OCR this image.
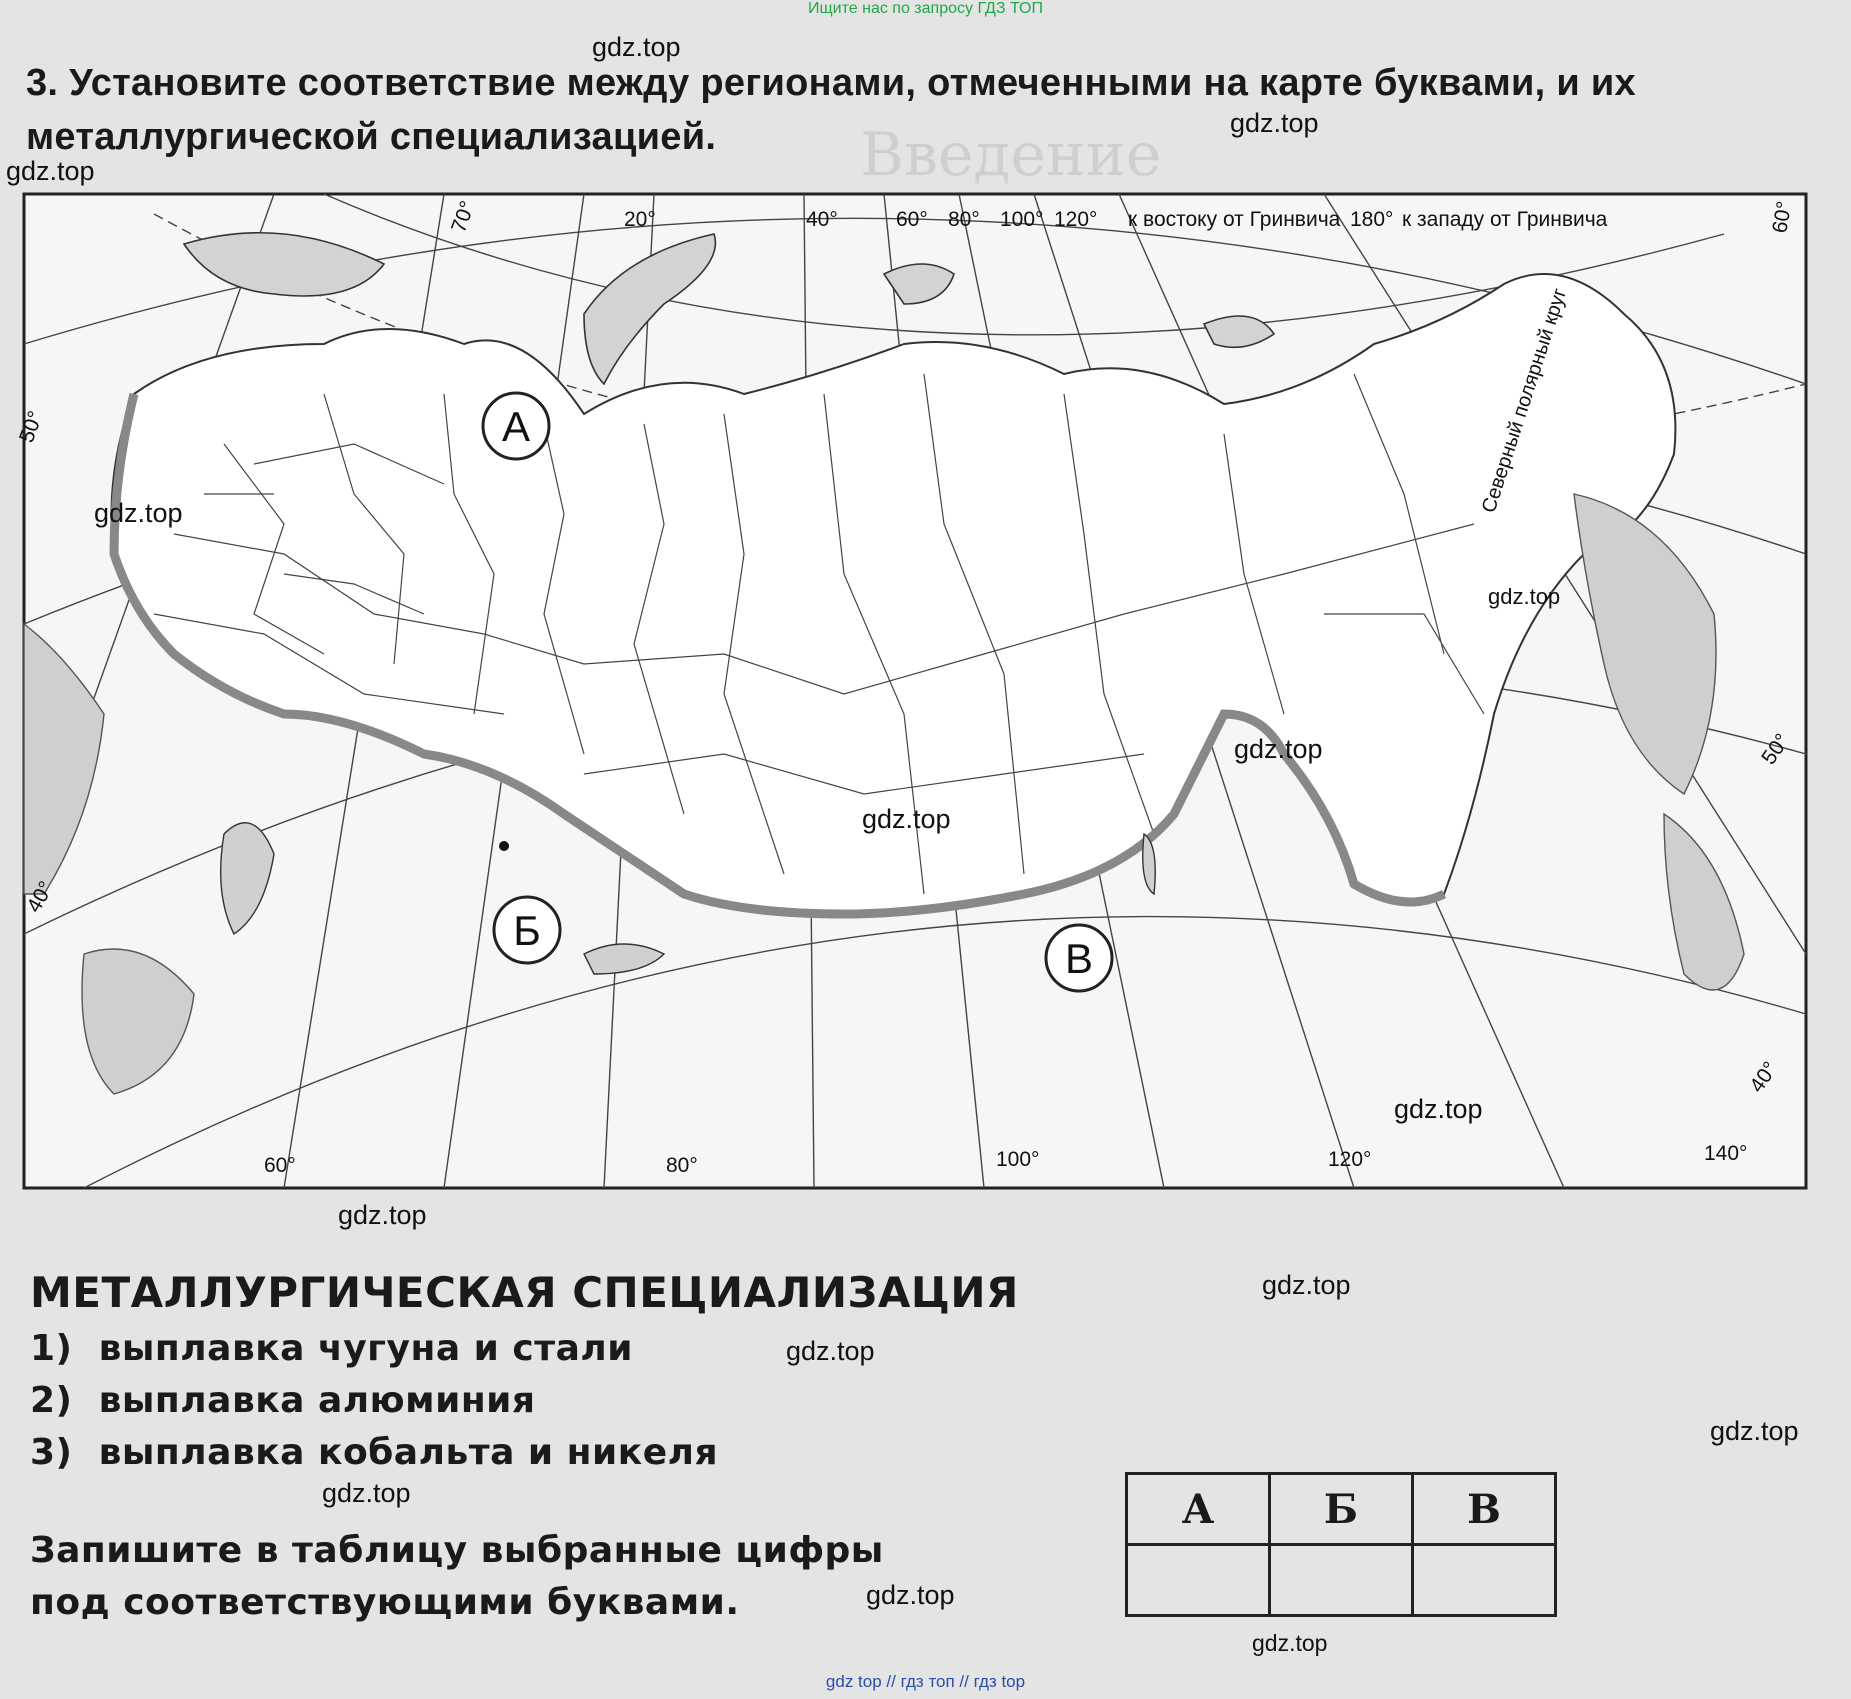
Ищите нас по запросу ГДЗ ТОП
3. Установите соответствие между регионами, отмеченными на карте буквами, и их металлургической специализацией.	Введение
20°	40°	60° 80° 100° 120° к востоку от Гринвича 180° к западу от Гринвича
60°	80°	100°	120°	140°
70°
50°
40°
60°
50°
40°
Северный полярный круг
А
Б
В
gdz.top
gdz.top
gdz.top
gdz.top
gdz.top
gdz.top
gdz.top
gdz.top
gdz.top
gdz.top
gdz.top
gdz.top
gdz.top
gdz.top
gdz.top
МЕТАЛЛУРГИЧЕСКАЯ СПЕЦИАЛИЗАЦИЯ
1) выплавка чугуна и стали
2) выплавка алюминия
3) выплавка кобальта и никеля
Запишите в таблицу выбранные цифры
под соответствующими буквами.
А	Б	В

gdz top // гдз топ // гдз top
